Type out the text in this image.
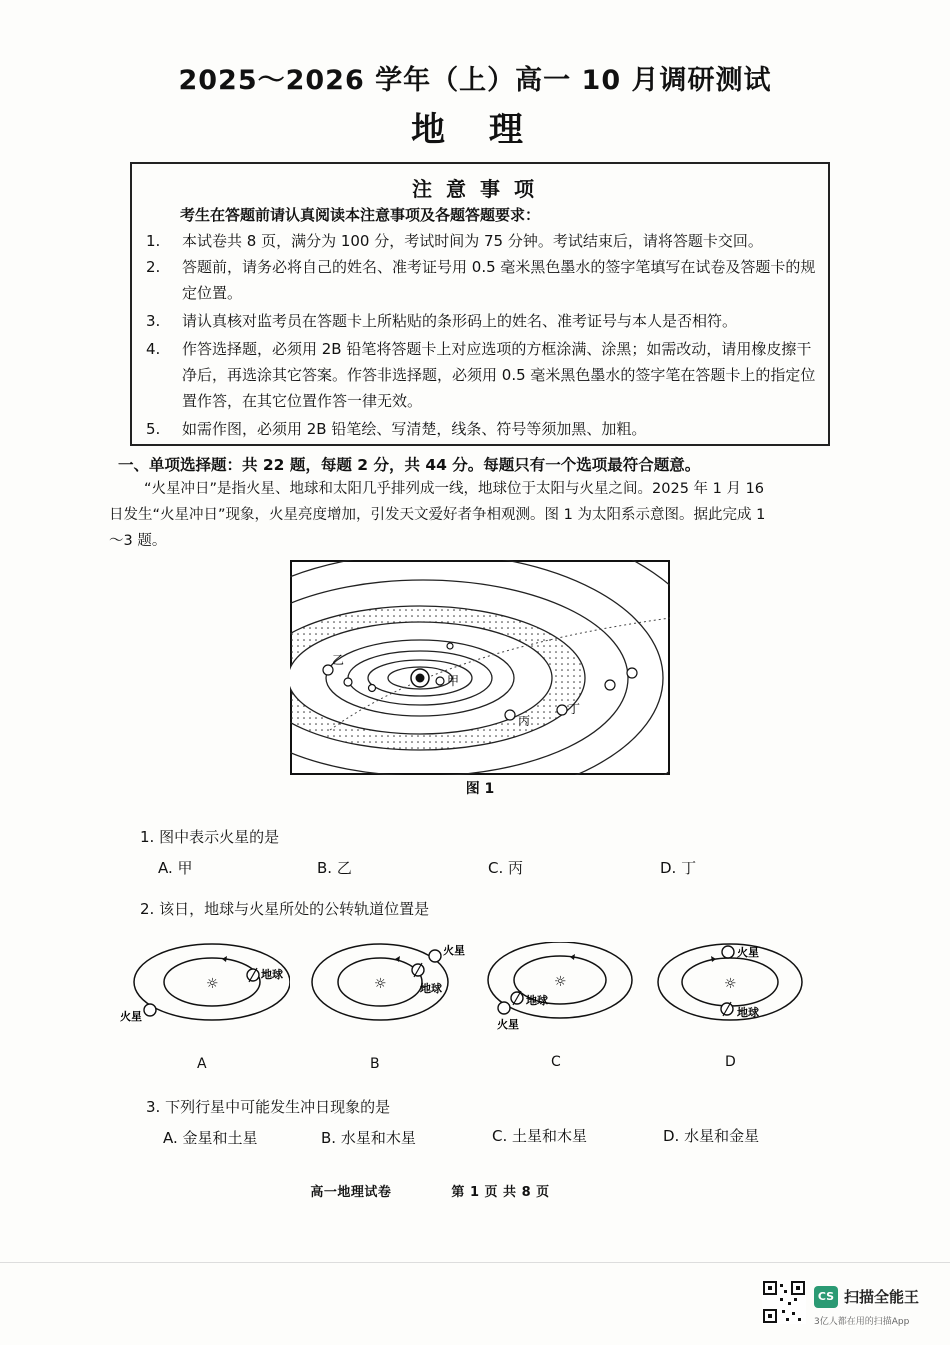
2025～2026 学年（上）高一 10 月调研测试
地 理
注意事项
考生在答题前请认真阅读本注意事项及各题答题要求：
1.	本试卷共 8 页，满分为 100 分，考试时间为 75 分钟。考试结束后，请将答题卡交回。
2.	答题前，请务必将自己的姓名、准考证号用 0.5 毫米黑色墨水的签字笔填写在试卷及答题卡的规定位置。
3.	请认真核对监考员在答题卡上所粘贴的条形码上的姓名、准考证号与本人是否相符。
4.	作答选择题，必须用 2B 铅笔将答题卡上对应选项的方框涂满、涂黑；如需改动，请用橡皮擦干净后，再选涂其它答案。作答非选择题，必须用 0.5 毫米黑色墨水的签字笔在答题卡上的指定位置作答，在其它位置作答一律无效。
5.	如需作图，必须用 2B 铅笔绘、写清楚，线条、符号等须加黑、加粗。
一、单项选择题：共 22 题，每题 2 分，共 44 分。每题只有一个选项最符合题意。
“火星冲日”是指火星、地球和太阳几乎排列成一线，地球位于太阳与火星之间。2025 年 1 月 16 日发生“火星冲日”现象，火星亮度增加，引发天文爱好者争相观测。图 1 为太阳系示意图。据此完成 1～3 题。
甲
乙
丙
丁
图 1
1. 图中表示火星的是
A. 甲	B. 乙	C. 丙	D. 丁
2. 该日，地球与火星所处的公转轨道位置是
☼
地球
火星
A
☼	地球
火星
B
☼
地球
火星
C
☼
地球
火星
D
3. 下列行星中可能发生冲日现象的是
A. 金星和土星	B. 水星和木星	C. 土星和木星	D. 水星和金星
高一地理试卷	第 1 页 共 8 页
CS 扫描全能王
3亿人都在用的扫描App
